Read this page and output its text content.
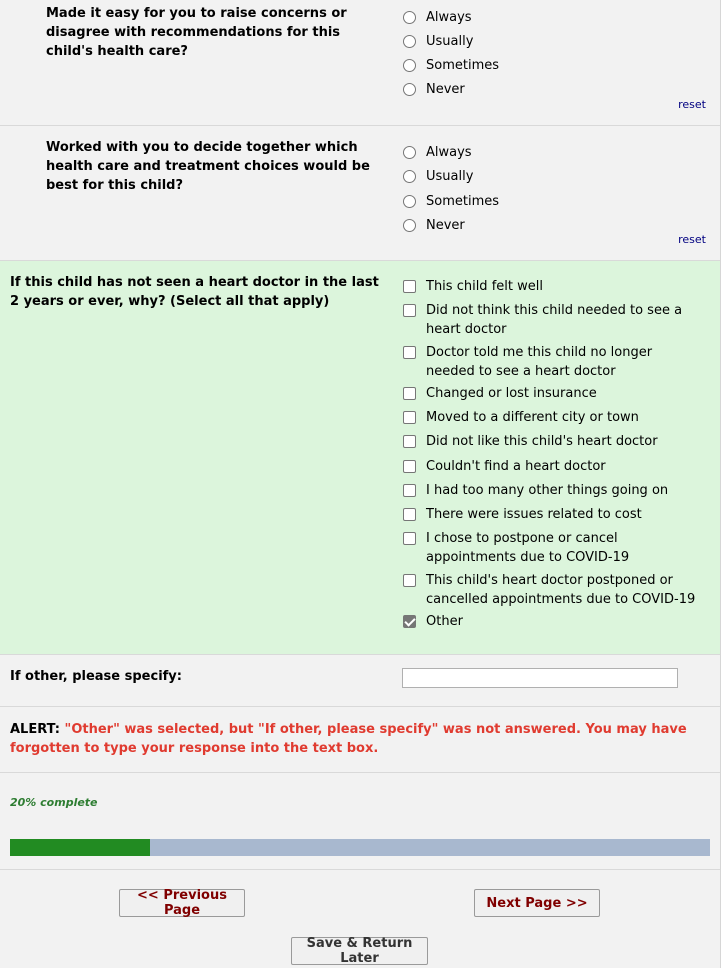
Made it easy for you to raise concerns or disagree with recommendations for this child's health care?
Always
Usually
Sometimes
Never
reset
Worked with you to decide together which health care and treatment choices would be best for this child?
Always
Usually
Sometimes
Never
reset
If this child has not seen a heart doctor in the last 2 years or ever, why? (Select all that apply)
This child felt well
Did not think this child needed to see a heart doctor
Doctor told me this child no longer needed to see a heart doctor
Changed or lost insurance
Moved to a different city or town
Did not like this child's heart doctor
Couldn't find a heart doctor
I had too many other things going on
There were issues related to cost
I chose to postpone or cancel appointments due to COVID-19
This child's heart doctor postponed or cancelled appointments due to COVID-19
Other
If other, please specify:
ALERT: "Other" was selected, but "If other, please specify" was not answered. You may have forgotten to type your response into the text box.
20% complete
<< Previous Page	Next Page >>
Save & Return Later
